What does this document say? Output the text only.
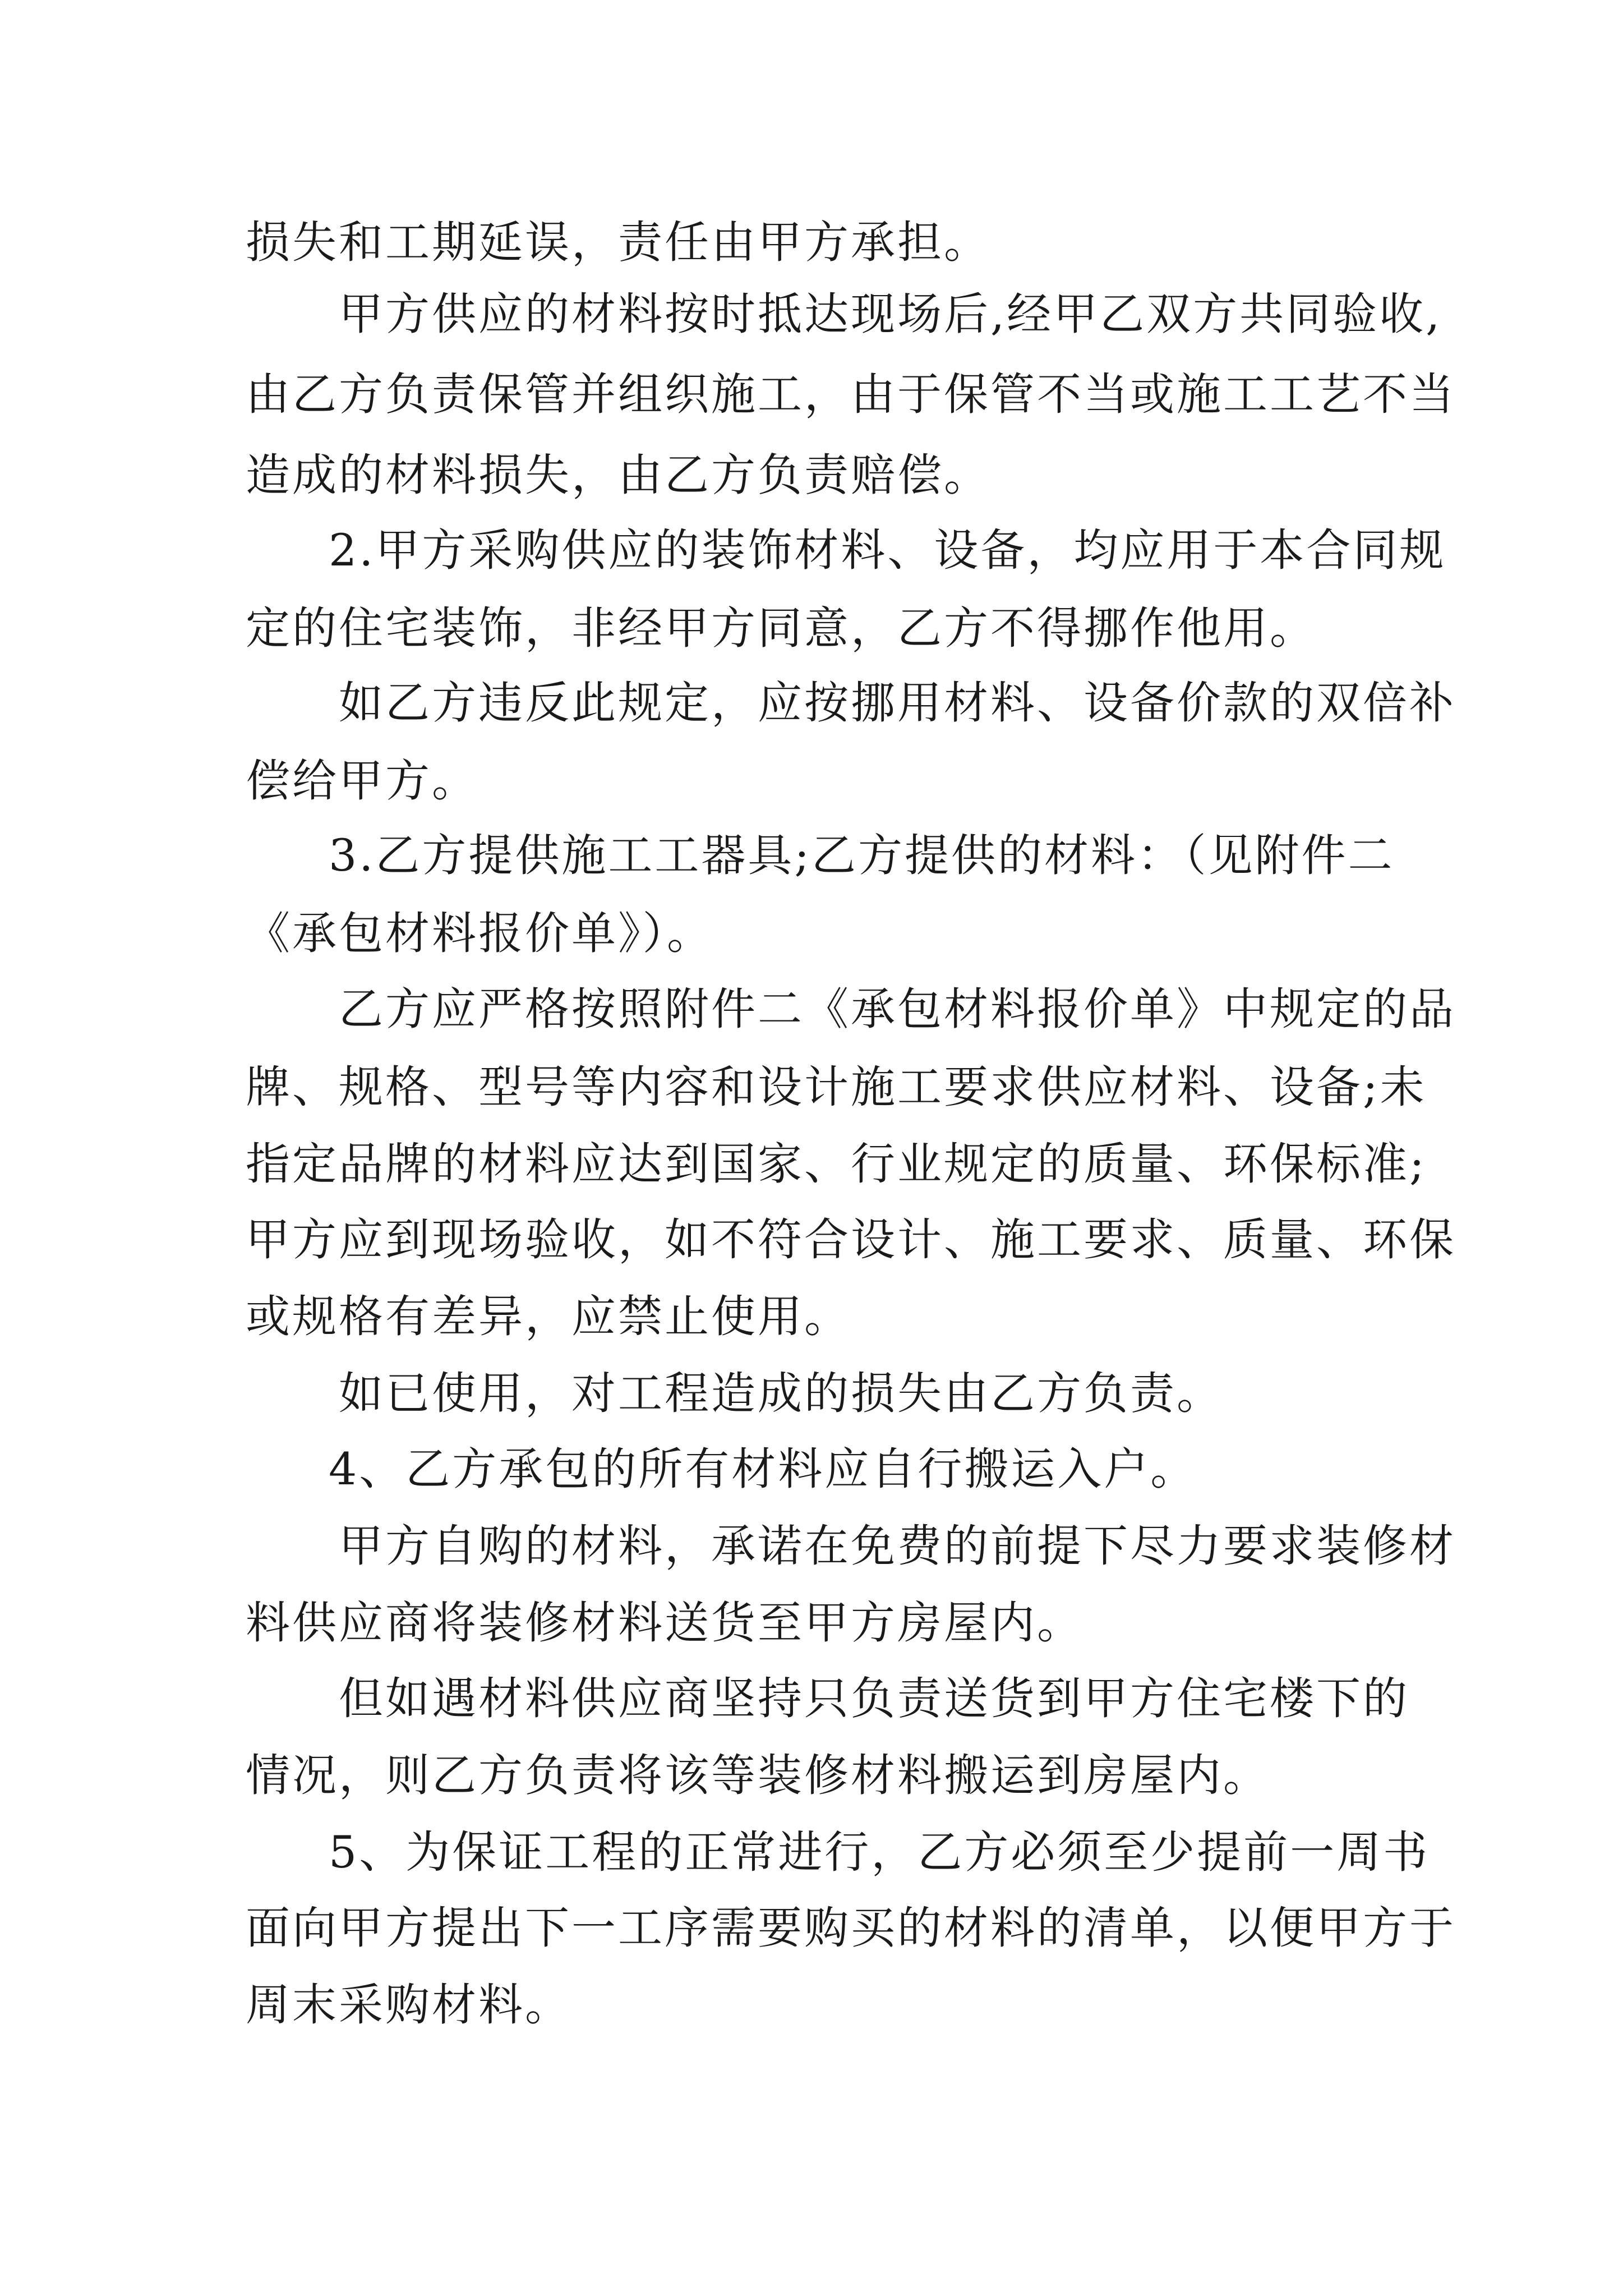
损失和工期延误，责任由甲方承担。
甲方供应的材料按时抵达现场后,经甲乙双方共同验收,
由乙方负责保管并组织施工，由于保管不当或施工工艺不当
造成的材料损失，由乙方负责赔偿。
2.甲方采购供应的装饰材料、设备，均应用于本合同规
定的住宅装饰，非经甲方同意，乙方不得挪作他用。
如乙方违反此规定，应按挪用材料、设备价款的双倍补
偿给甲方。
3.乙方提供施工工器具;乙方提供的材料：（见附件二
《承包材料报价单》）。
乙方应严格按照附件二《承包材料报价单》中规定的品
牌、规格、型号等内容和设计施工要求供应材料、设备;未
指定品牌的材料应达到国家、行业规定的质量、环保标准;
甲方应到现场验收，如不符合设计、施工要求、质量、环保
或规格有差异，应禁止使用。
如已使用，对工程造成的损失由乙方负责。
4、乙方承包的所有材料应自行搬运入户。
甲方自购的材料，承诺在免费的前提下尽力要求装修材
料供应商将装修材料送货至甲方房屋内。
但如遇材料供应商坚持只负责送货到甲方住宅楼下的
情况，则乙方负责将该等装修材料搬运到房屋内。
5、为保证工程的正常进行，乙方必须至少提前一周书
面向甲方提出下一工序需要购买的材料的清单，以便甲方于
周末采购材料。
